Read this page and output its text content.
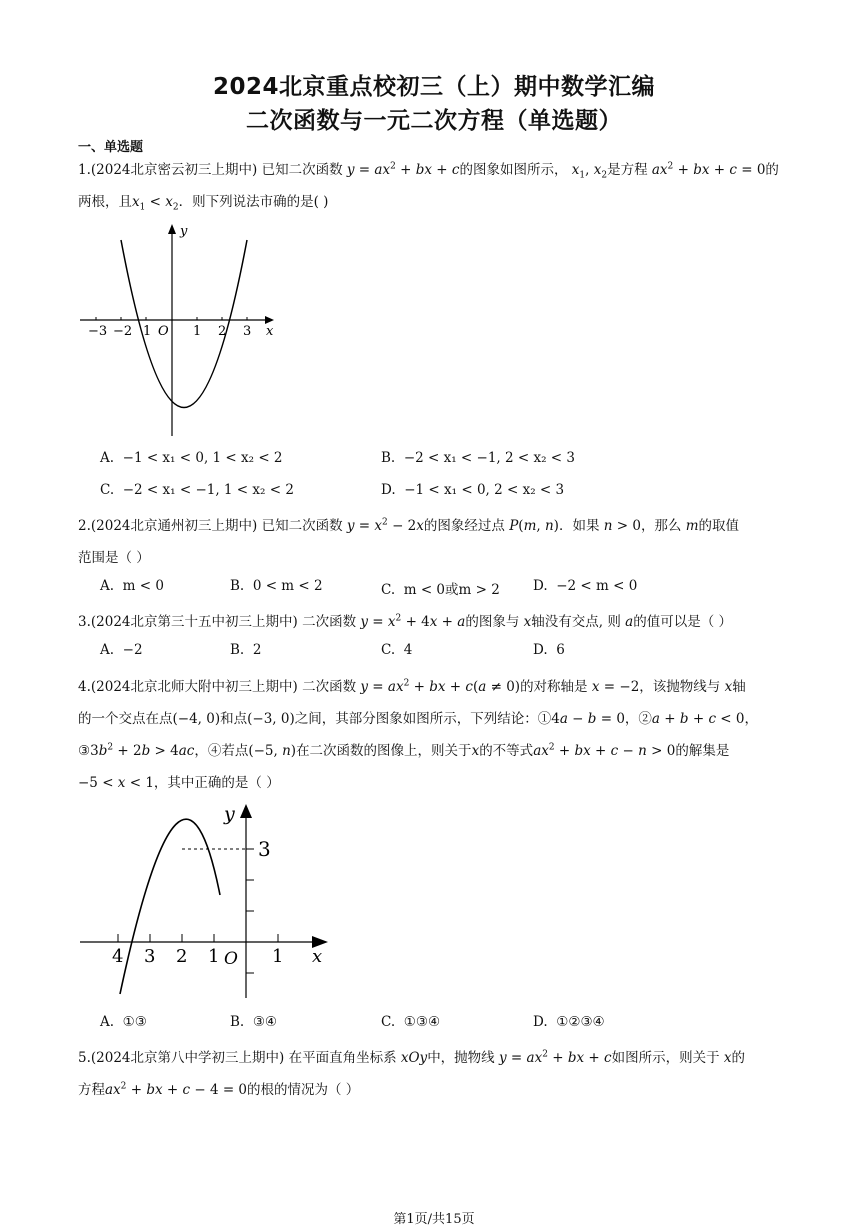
2024北京重点校初三（上）期中数学汇编
二次函数与一元二次方程（单选题）
一、单选题
1.(2024北京密云初三上期中) 已知二次函数 $y = ax^2$ + bx + c的图象如图所示， $x_1$, $x_2$是方程 $ax^2$ + bx + c = 0的
两根，且$x_1 < x_2$．则下列说法市确的是( )
−3 −2 1 O 1 2 3 x
y
A. −1 < x₁ < 0, 1 < x₂ < 2	B. −2 < x₁ < −1, 2 < x₂ < 3
C. −2 < x₁ < −1, 1 < x₂ < 2	D. −1 < x₁ < 0, 2 < x₂ < 3
2.(2024北京通州初三上期中) 已知二次函数 $y = x^2 - 2x$的图象经过点 P(m, n)．如果 n > 0，那么 m的取值
范围是（ ）
A. m < 0	B. 0 < m < 2	C. m < 0或m > 2 D. −2 < m < 0
3.(2024北京第三十五中初三上期中) 二次函数 $y = x^2 + 4x + a$的图象与 x轴没有交点, 则 a的值可以是（ ）
A. −2	B. 2	C. 4	D. 6
4.(2024北京北师大附中初三上期中) 二次函数 $y = ax^2$ + bx + c(a ≠ 0)的对称轴是 x = −2，该抛物线与 x轴
的一个交点在点(−4, 0)和点(−3, 0)之间，其部分图象如图所示，下列结论：①4a − b = 0，②a + b + c < 0，
$③3b^2 + 2b > 4ac$，④若点(−5, n)在二次函数的图像上，则关于x的不等式$ax^2$ + bx + c − n > 0的解集是
−5 < x < 1，其中正确的是（ ）
4 3 2 1 O 1
3
x
y
A. ①③	B. ③④	C. ①③④	D. ①②③④
5.(2024北京第八中学初三上期中) 在平面直角坐标系 xOy中，抛物线 $y = ax^2$ + bx + c如图所示，则关于 x的
方程$ax^2$ + bx + c − 4 = 0的根的情况为（ ）
第1页/共15页
